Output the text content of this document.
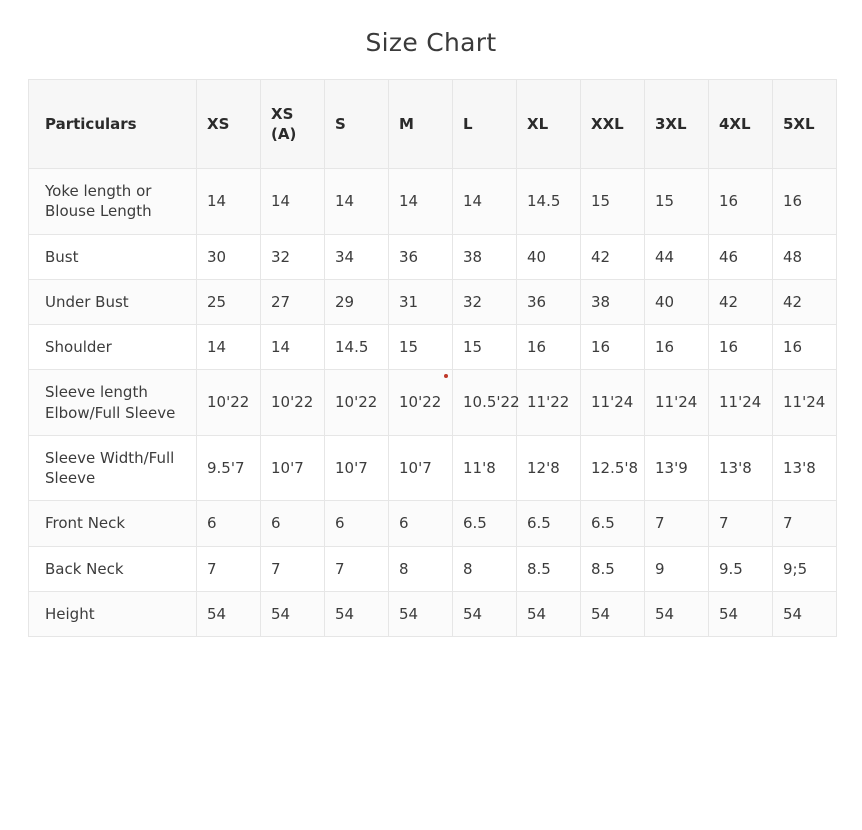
Size Chart
Particulars	XS	XS (A)	S	M	L	XL	XXL	3XL	4XL	5XL
Yoke length or Blouse Length	14	14	14	14	14	14.5	15	15	16	16
Bust	30	32	34	36	38	40	42	44	46	48
Under Bust	25	27	29	31	32	36	38	40	42	42
Shoulder	14	14	14.5	15	15	16	16	16	16	16
Sleeve length Elbow/Full Sleeve	10'22	10'22	10'22	10'22	10.5'22	11'22	11'24	11'24	11'24	11'24
Sleeve Width/Full Sleeve	9.5'7	10'7	10'7	10'7	11'8	12'8	12.5'8	13'9	13'8	13'8
Front Neck	6	6	6	6	6.5	6.5	6.5	7	7	7
Back Neck	7	7	7	8	8	8.5	8.5	9	9.5	9;5
Height	54	54	54	54	54	54	54	54	54	54
